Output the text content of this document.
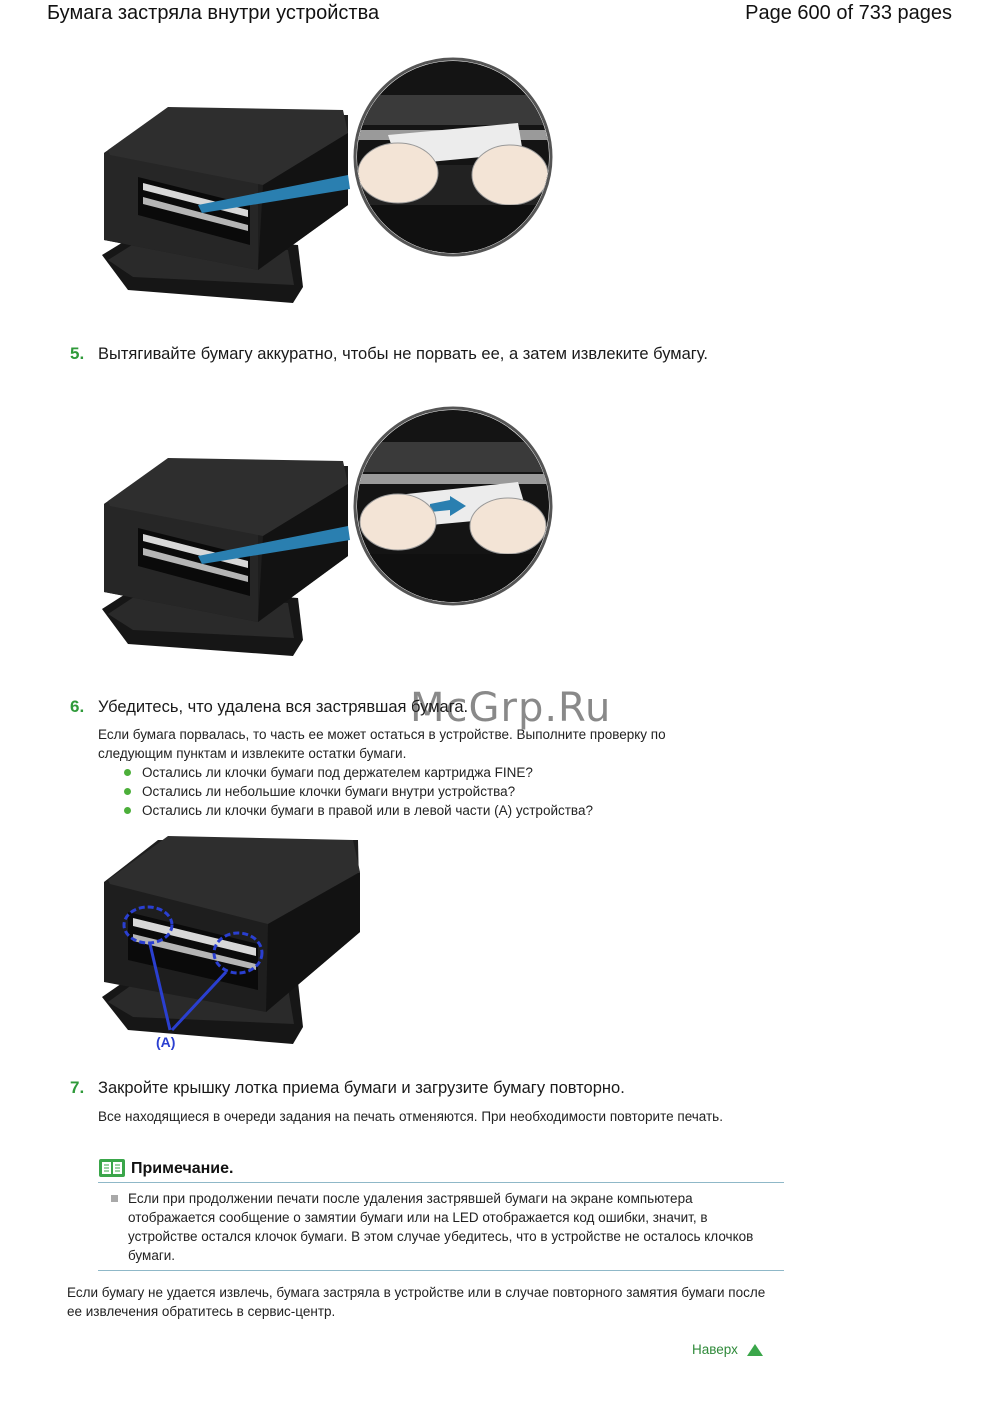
Бумага застряла внутри устройства	Page 600 of 733 pages
5. Вытягивайте бумагу аккуратно, чтобы не порвать ее, а затем извлеките бумагу.
6. Убедитесь, что удалена вся застрявшая бумага.
Если бумага порвалась, то часть ее может остаться в устройстве. Выполните проверку по следующим пунктам и извлеките остатки бумаги.
Остались ли клочки бумаги под держателем картриджа FINE?
Остались ли небольшие клочки бумаги внутри устройства?
Остались ли клочки бумаги в правой или в левой части (A) устройства?
McGrp.Ru
(A)
7. Закройте крышку лотка приема бумаги и загрузите бумагу повторно.
Все находящиеся в очереди задания на печать отменяются. При необходимости повторите печать.
Примечание.
Если при продолжении печати после удаления застрявшей бумаги на экране компьютера отображается сообщение о замятии бумаги или на LED отображается код ошибки, значит, в устройстве остался клочок бумаги. В этом случае убедитесь, что в устройстве не осталось клочков бумаги.
Если бумагу не удается извлечь, бумага застряла в устройстве или в случае повторного замятия бумаги после ее извлечения обратитесь в сервис-центр.
Наверх
